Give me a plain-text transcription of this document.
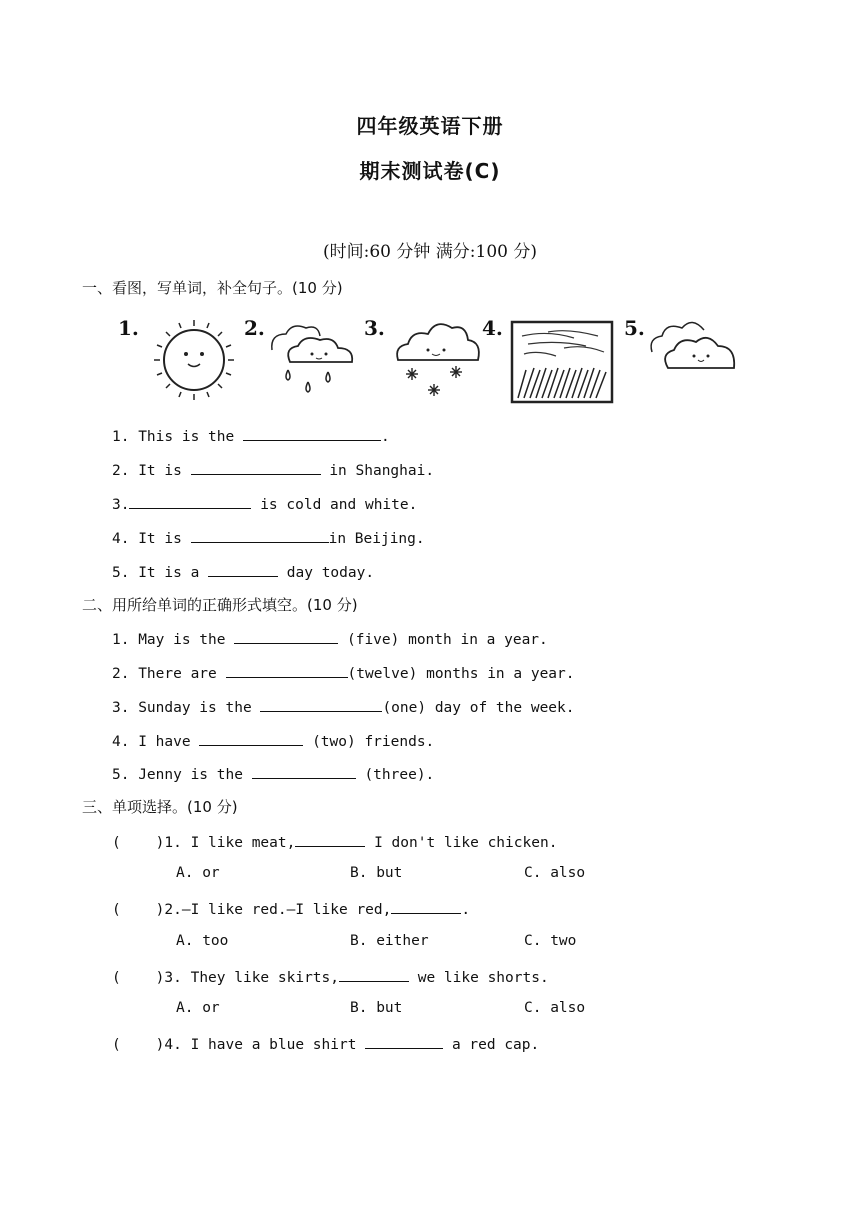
四年级英语下册
期末测试卷(C)
(时间:60 分钟 满分:100 分)
一、看图，写单词，补全句子。(10 分)
1.	2.	3.	4.	5.
1. This is the	.
2. It is	in Shanghai.
3.	is cold and white.
4. It is	in Beijing.
5. It is a	day today.
二、用所给单词的正确形式填空。(10 分)
1. May is the	(five) month in a year.
2. There are	(twelve) months in a year.
3. Sunday is the	(one) day of the week.
4. I have	(two) friends.
5. Jenny is the	(three).
三、单项选择。(10 分)
(    )1. I like meat,	I don't like chicken.
A. or	B. but	C. also
(    )2.—I like red.—I like red,	.
A. too	B. either	C. two
(    )3. They like skirts,	we like shorts.
A. or	B. but	C. also
(    )4. I have a blue shirt	a red cap.
